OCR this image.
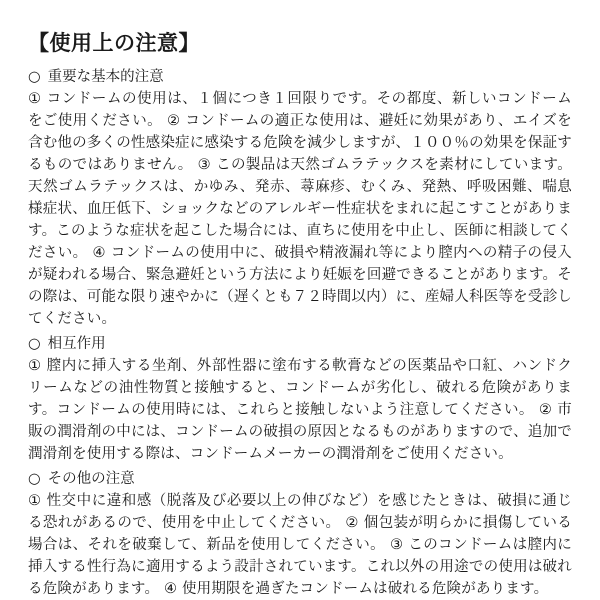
【使用上の注意】
○ 重要な基本的注意

① コンドームの使用は、１個につき１回限りです。その都度、新しいコンドームをご使用ください。 ② コンドームの適正な使用は、避妊に効果があり、エイズを含む他の多くの性感染症に感染する危険を減少しますが、１００％の効果を保証するものではありません。 ③ この製品は天然ゴムラテックスを素材にしています。天然ゴムラテックスは、かゆみ、発赤、蕁麻疹、むくみ、発熱、呼吸困難、喘息様症状、血圧低下、ショックなどのアレルギー性症状をまれに起こすことがあります。このような症状を起こした場合には、直ちに使用を中止し、医師に相談してください。 ④ コンドームの使用中に、破損や精液漏れ等により膣内への精子の侵入が疑われる場合、緊急避妊という方法により妊娠を回避できることがあります。その際は、可能な限り速やかに（遅くとも７２時間以内）に、産婦人科医等を受診してください。

○ 相互作用

① 膣内に挿入する坐剤、外部性器に塗布する軟膏などの医薬品や口紅、ハンドクリームなどの油性物質と接触すると、コンドームが劣化し、破れる危険があります。コンドームの使用時には、これらと接触しないよう注意してください。 ② 市販の潤滑剤の中には、コンドームの破損の原因となるものがありますので、追加で潤滑剤を使用する際は、コンドームメーカーの潤滑剤をご使用ください。

○ その他の注意

① 性交中に違和感（脱落及び必要以上の伸びなど）を感じたときは、破損に通じる恐れがあるので、使用を中止してください。 ② 個包装が明らかに損傷している場合は、それを破棄して、新品を使用してください。 ③ このコンドームは膣内に挿入する性行為に適用するよう設計されています。これ以外の用途での使用は破れる危険があります。 ④ 使用期限を過ぎたコンドームは破れる危険があります。
